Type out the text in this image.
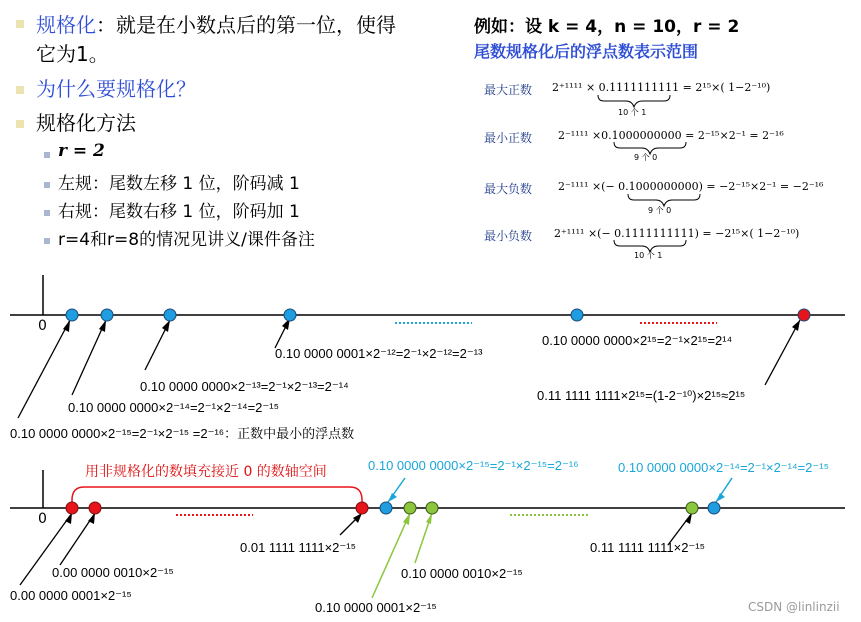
规格化：就是在小数点后的第一位，使得
它为1。
为什么要规格化？
规格化方法
r = 2
左规：尾数左移 1 位，阶码减 1
右规：尾数右移 1 位，阶码加 1
r=4和r=8的情况见讲义/课件备注
例如：设 k = 4，n = 10，r = 2
尾数规格化后的浮点数表示范围
最大正数 2⁺¹¹¹¹ × 0.1111111111 = 2¹⁵×( 1−2⁻¹⁰)
10 个 1
最小正数 2⁻¹¹¹¹ ×0.1000000000 = 2⁻¹⁵×2⁻¹ = 2⁻¹⁶
9 个 0
最大负数 2⁻¹¹¹¹ ×(− 0.1000000000) = −2⁻¹⁵×2⁻¹ = −2⁻¹⁶
9 个 0
最小负数 2⁺¹¹¹¹ ×(− 0.1111111111) = −2¹⁵×( 1−2⁻¹⁰)
10 个 1
0
0.10 0000 0001×2⁻¹²=2⁻¹×2⁻¹²=2⁻¹³
0.10 0000 0000×2¹⁵=2⁻¹×2¹⁵=2¹⁴
0.10 0000 0000×2⁻¹³=2⁻¹×2⁻¹³=2⁻¹⁴
0.10 0000 0000×2⁻¹⁴=2⁻¹×2⁻¹⁴=2⁻¹⁵
0.11 1111 1111×2¹⁵=(1-2⁻¹⁰)×2¹⁵≈2¹⁵
0.10 0000 0000×2⁻¹⁵=2⁻¹×2⁻¹⁵ =2⁻¹⁶：正数中最小的浮点数
0
用非规格化的数填充接近 0 的数轴空间	0.10 0000 0000×2⁻¹⁵=2⁻¹×2⁻¹⁵=2⁻¹⁶	0.10 0000 0000×2⁻¹⁴=2⁻¹×2⁻¹⁴=2⁻¹⁵
0.01 1111 1111×2⁻¹⁵	0.11 1111 1111×2⁻¹⁵
0.00 0000 0010×2⁻¹⁵	0.10 0000 0010×2⁻¹⁵
0.00 0000 0001×2⁻¹⁵
0.10 0000 0001×2⁻¹⁵	CSDN @linlinzii
